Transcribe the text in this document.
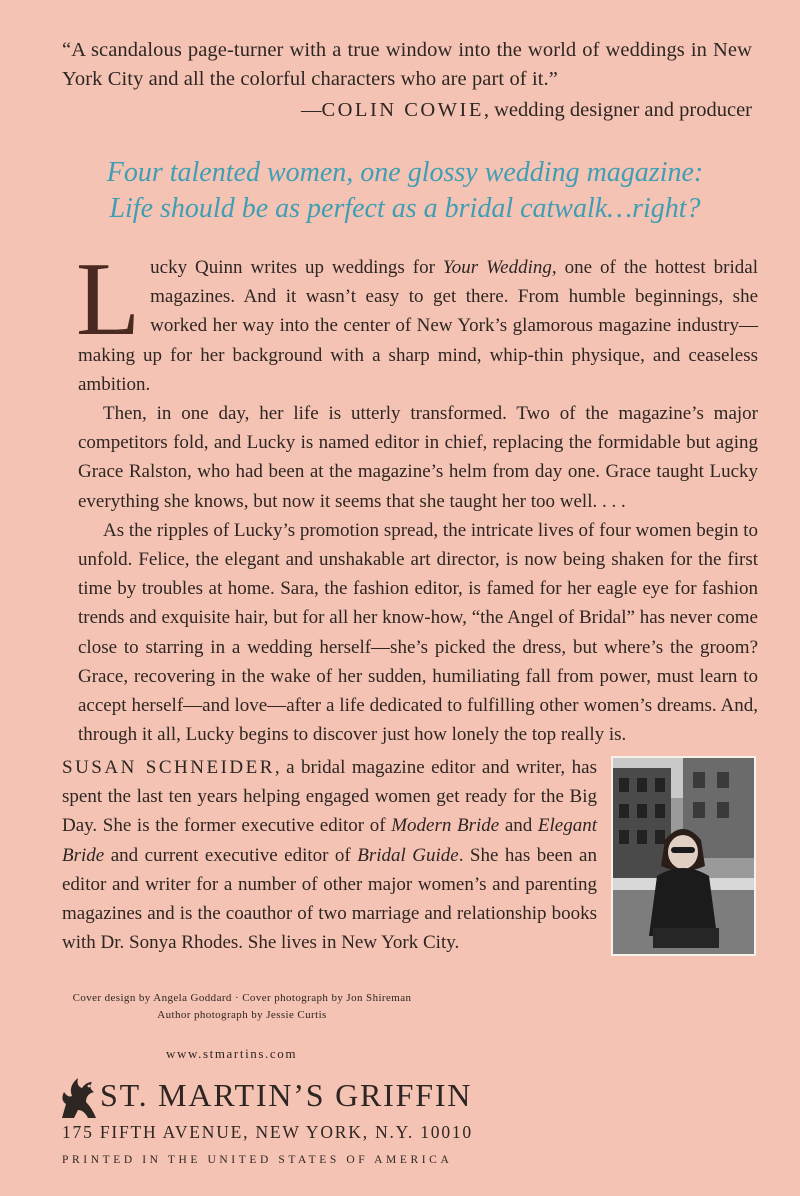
“A scandalous page-turner with a true window into the world of weddings in New York City and all the colorful characters who are part of it.”
—COLIN COWIE, wedding designer and producer
Four talented women, one glossy wedding magazine:
Life should be as perfect as a bridal catwalk…right?

Lucky Quinn writes up weddings for Your Wedding, one of the hottest bridal magazines. And it wasn’t easy to get there. From humble beginnings, she worked her way into the center of New York’s glamorous magazine industry—making up for her background with a sharp mind, whip-thin physique, and ceaseless ambition.

Then, in one day, her life is utterly transformed. Two of the magazine’s major competitors fold, and Lucky is named editor in chief, replacing the formidable but aging Grace Ralston, who had been at the magazine’s helm from day one. Grace taught Lucky everything she knows, but now it seems that she taught her too well. . . .

As the ripples of Lucky’s promotion spread, the intricate lives of four women begin to unfold. Felice, the elegant and unshakable art director, is now being shaken for the first time by troubles at home. Sara, the fashion editor, is famed for her eagle eye for fashion trends and exquisite hair, but for all her know-how, “the Angel of Bridal” has never come close to starring in a wedding herself—she’s picked the dress, but where’s the groom? Grace, recovering in the wake of her sudden, humiliating fall from power, must learn to accept herself—and love—after a life dedicated to fulfilling other women’s dreams. And, through it all, Lucky begins to discover just how lonely the top really is.

SUSAN SCHNEIDER, a bridal magazine editor and writer, has spent the last ten years helping engaged women get ready for the Big Day. She is the former executive editor of Modern Bride and Elegant Bride and current executive editor of Bridal Guide. She has been an editor and writer for a number of other major women’s and parenting magazines and is the coauthor of two marriage and relationship books with Dr. Sonya Rhodes. She lives in New York City.
Cover design by Angela Goddard · Cover photograph by Jon Shireman
Author photograph by Jessie Curtis
www.stmartins.com
ST. MARTIN’S GRIFFIN
175 FIFTH AVENUE, NEW YORK, N.Y. 10010
PRINTED IN THE UNITED STATES OF AMERICA
